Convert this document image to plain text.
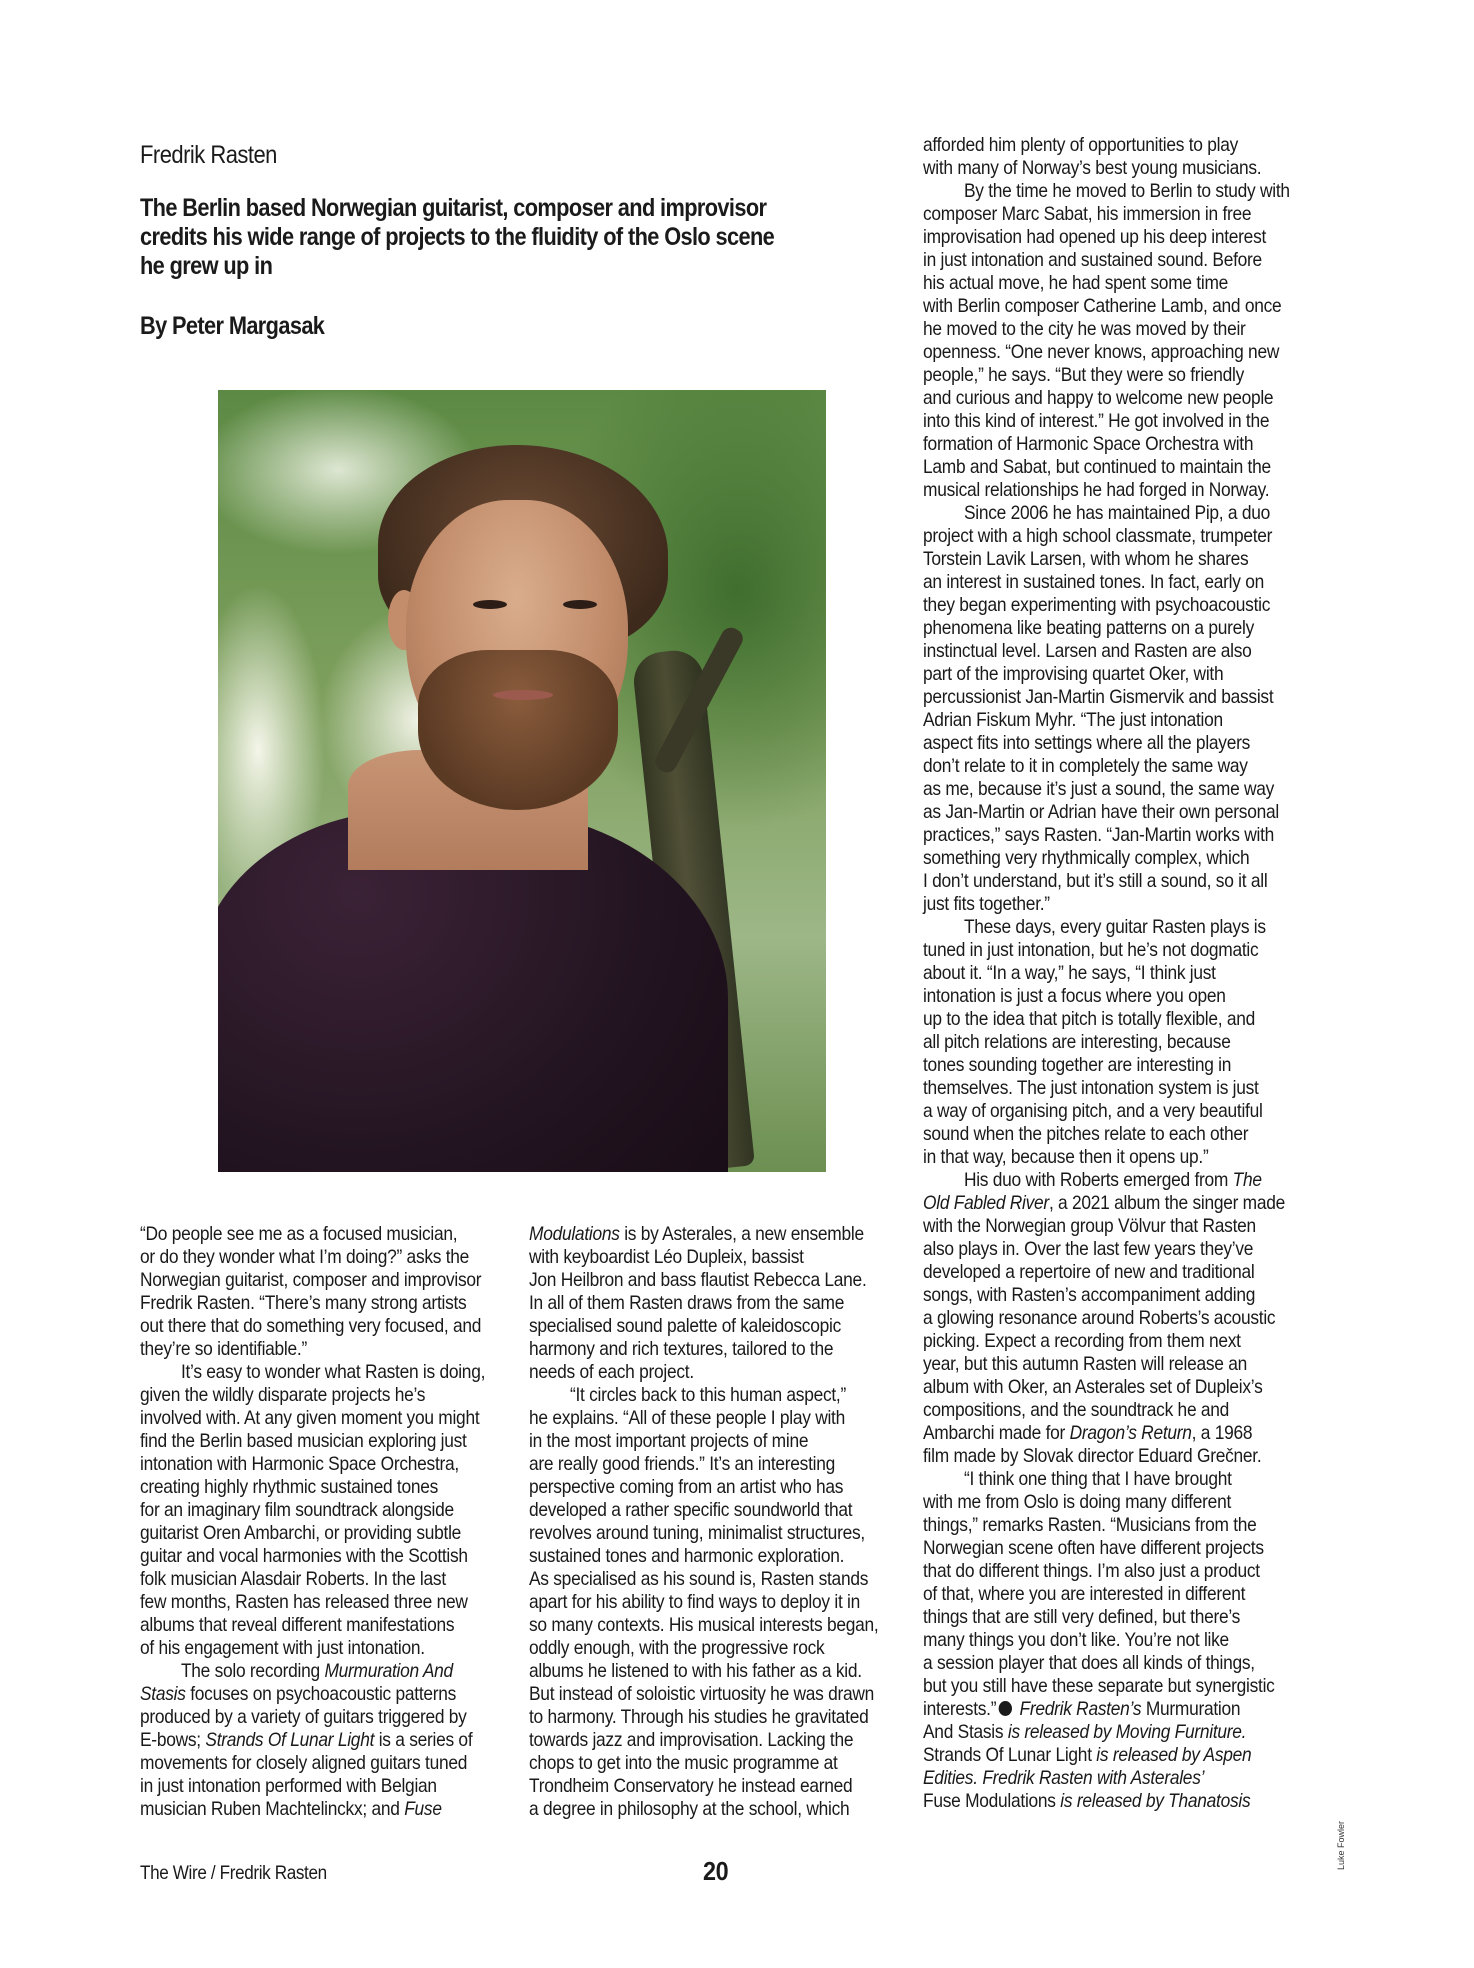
Fredrik Rasten
The Berlin based Norwegian guitarist, composer and improvisor
credits his wide range of projects to the fluidity of the Oslo scene
he grew up in
By Peter Margasak
“Do people see me as a focused musician,
or do they wonder what I’m doing?” asks the
Norwegian guitarist, composer and improvisor
Fredrik Rasten. “There’s many strong artists
out there that do something very focused, and
they’re so identifiable.”
It’s easy to wonder what Rasten is doing,
given the wildly disparate projects he’s
involved with. At any given moment you might
find the Berlin based musician exploring just
intonation with Harmonic Space Orchestra,
creating highly rhythmic sustained tones
for an imaginary film soundtrack alongside
guitarist Oren Ambarchi, or providing subtle
guitar and vocal harmonies with the Scottish
folk musician Alasdair Roberts. In the last
few months, Rasten has released three new
albums that reveal different manifestations
of his engagement with just intonation.
The solo recording Murmuration And
Stasis focuses on psychoacoustic patterns
produced by a variety of guitars triggered by
E-bows; Strands Of Lunar Light is a series of
movements for closely aligned guitars tuned
in just intonation performed with Belgian
musician Ruben Machtelinckx; and Fuse
Modulations is by Asterales, a new ensemble
with keyboardist Léo Dupleix, bassist
Jon Heilbron and bass flautist Rebecca Lane.
In all of them Rasten draws from the same
specialised sound palette of kaleidoscopic
harmony and rich textures, tailored to the
needs of each project.
“It circles back to this human aspect,”
he explains. “All of these people I play with
in the most important projects of mine
are really good friends.” It’s an interesting
perspective coming from an artist who has
developed a rather specific soundworld that
revolves around tuning, minimalist structures,
sustained tones and harmonic exploration.
As specialised as his sound is, Rasten stands
apart for his ability to find ways to deploy it in
so many contexts. His musical interests began,
oddly enough, with the progressive rock
albums he listened to with his father as a kid.
But instead of soloistic virtuosity he was drawn
to harmony. Through his studies he gravitated
towards jazz and improvisation. Lacking the
chops to get into the music programme at
Trondheim Conservatory he instead earned
a degree in philosophy at the school, which
afforded him plenty of opportunities to play
with many of Norway’s best young musicians.
By the time he moved to Berlin to study with
composer Marc Sabat, his immersion in free
improvisation had opened up his deep interest
in just intonation and sustained sound. Before
his actual move, he had spent some time
with Berlin composer Catherine Lamb, and once
he moved to the city he was moved by their
openness. “One never knows, approaching new
people,” he says. “But they were so friendly
and curious and happy to welcome new people
into this kind of interest.” He got involved in the
formation of Harmonic Space Orchestra with
Lamb and Sabat, but continued to maintain the
musical relationships he had forged in Norway.
Since 2006 he has maintained Pip, a duo
project with a high school classmate, trumpeter
Torstein Lavik Larsen, with whom he shares
an interest in sustained tones. In fact, early on
they began experimenting with psychoacoustic
phenomena like beating patterns on a purely
instinctual level. Larsen and Rasten are also
part of the improvising quartet Oker, with
percussionist Jan-Martin Gismervik and bassist
Adrian Fiskum Myhr. “The just intonation
aspect fits into settings where all the players
don’t relate to it in completely the same way
as me, because it’s just a sound, the same way
as Jan-Martin or Adrian have their own personal
practices,” says Rasten. “Jan-Martin works with
something very rhythmically complex, which
I don’t understand, but it’s still a sound, so it all
just fits together.”
These days, every guitar Rasten plays is
tuned in just intonation, but he’s not dogmatic
about it. “In a way,” he says, “I think just
intonation is just a focus where you open
up to the idea that pitch is totally flexible, and
all pitch relations are interesting, because
tones sounding together are interesting in
themselves. The just intonation system is just
a way of organising pitch, and a very beautiful
sound when the pitches relate to each other
in that way, because then it opens up.”
His duo with Roberts emerged from The
Old Fabled River, a 2021 album the singer made
with the Norwegian group Völvur that Rasten
also plays in. Over the last few years they’ve
developed a repertoire of new and traditional
songs, with Rasten’s accompaniment adding
a glowing resonance around Roberts’s acoustic
picking. Expect a recording from them next
year, but this autumn Rasten will release an
album with Oker, an Asterales set of Dupleix’s
compositions, and the soundtrack he and
Ambarchi made for Dragon’s Return, a 1968
film made by Slovak director Eduard Grečner.
“I think one thing that I have brought
with me from Oslo is doing many different
things,” remarks Rasten. “Musicians from the
Norwegian scene often have different projects
that do different things. I’m also just a product
of that, where you are interested in different
things that are still very defined, but there’s
many things you don’t like. You’re not like
a session player that does all kinds of things,
but you still have these separate but synergistic
interests.” Fredrik Rasten’s Murmuration
And Stasis is released by Moving Furniture.
Strands Of Lunar Light is released by Aspen
Edities. Fredrik Rasten with Asterales’
Fuse Modulations is released by Thanatosis
The Wire / Fredrik Rasten	20
Luke Fowler
